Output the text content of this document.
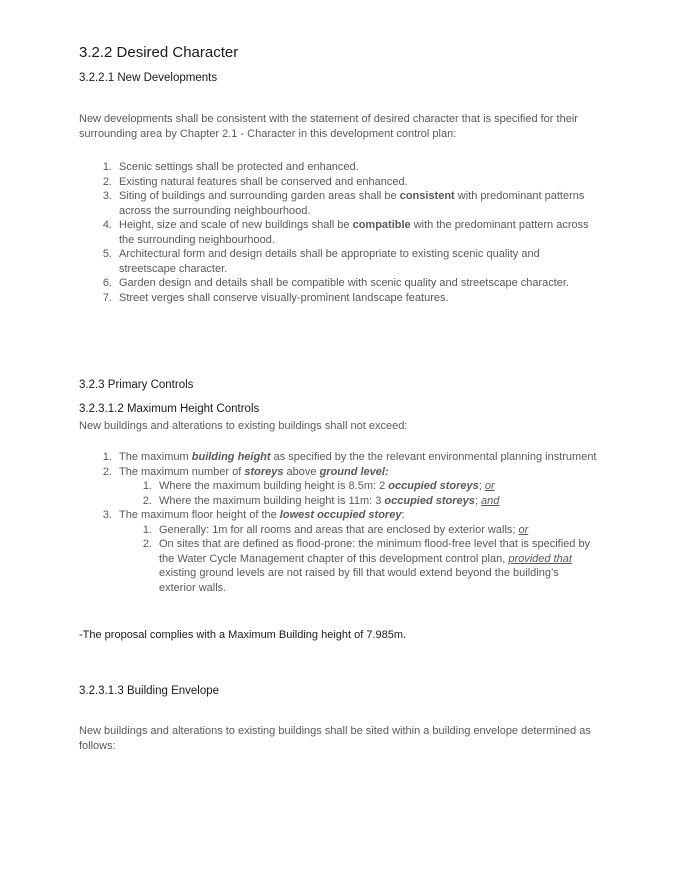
3.2.2 Desired Character
3.2.2.1 New Developments
New developments shall be consistent with the statement of desired character that is specified for their surrounding area by Chapter 2.1 - Character in this development control plan:
1. Scenic settings shall be protected and enhanced.
2. Existing natural features shall be conserved and enhanced.
3. Siting of buildings and surrounding garden areas shall be consistent with predominant patterns across the surrounding neighbourhood.
4. Height, size and scale of new buildings shall be compatible with the predominant pattern across the surrounding neighbourhood.
5. Architectural form and design details shall be appropriate to existing scenic quality and streetscape character.
6. Garden design and details shall be compatible with scenic quality and streetscape character.
7. Street verges shall conserve visually-prominent landscape features.
3.2.3 Primary Controls
3.2.3.1.2 Maximum Height Controls
New buildings and alterations to existing buildings shall not exceed:
1. The maximum building height as specified by the the relevant environmental planning instrument
2. The maximum number of storeys above ground level:
1. Where the maximum building height is 8.5m: 2 occupied storeys; or
2. Where the maximum building height is 11m: 3 occupied storeys; and
3. The maximum floor height of the lowest occupied storey:
1. Generally: 1m for all rooms and areas that are enclosed by exterior walls; or
2. On sites that are defined as flood-prone: the minimum flood-free level that is specified by the Water Cycle Management chapter of this development control plan, provided that existing ground levels are not raised by fill that would extend beyond the building’s exterior walls.
-The proposal complies with a Maximum Building height of 7.985m.
3.2.3.1.3 Building Envelope
New buildings and alterations to existing buildings shall be sited within a building envelope determined as follows:
